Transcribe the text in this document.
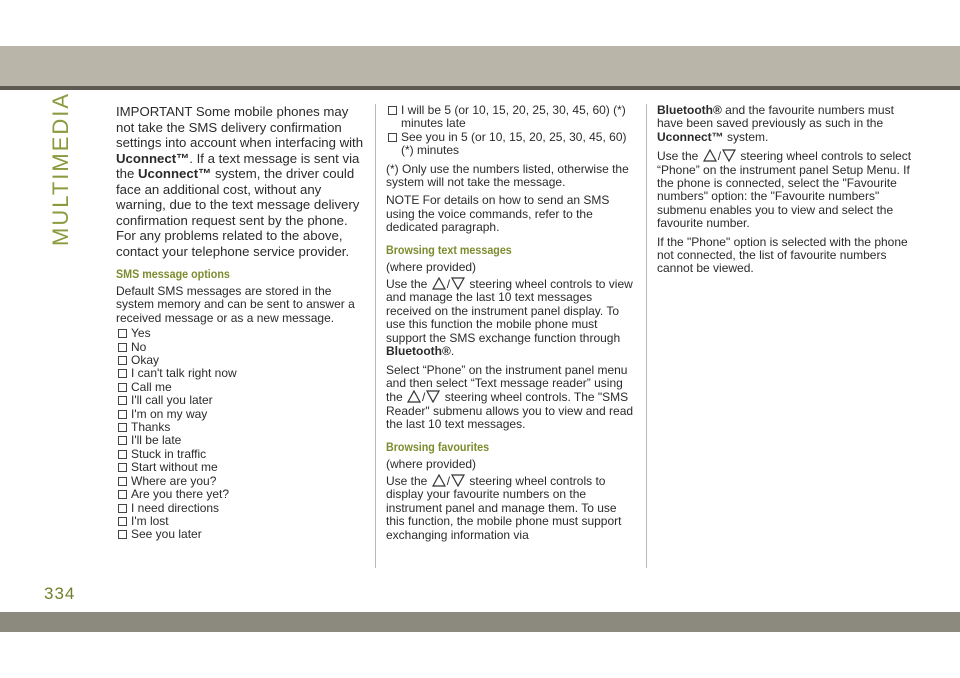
MULTIMEDIA	IMPORTANT Some mobile phones may not take the SMS delivery confirmation settings into account when interfacing with Uconnect™. If a text message is sent via the Uconnect™ system, the driver could face an additional cost, without any warning, due to the text message delivery confirmation request sent by the phone. For any problems related to the above, contact your telephone service provider.
SMS message options
Default SMS messages are stored in the system memory and can be sent to answer a received message or as a new message.
Yes
No
Okay
I can't talk right now
Call me
I'll call you later
I'm on my way
Thanks
I'll be late
Stuck in traffic
Start without me
Where are you?
Are you there yet?
I need directions
I'm lost
See you later
I will be 5 (or 10, 15, 20, 25, 30, 45, 60) (*) minutes late
See you in 5 (or 10, 15, 20, 25, 30, 45, 60) (*) minutes
(*) Only use the numbers listed, otherwise the system will not take the message.
NOTE For details on how to send an SMS using the voice commands, refer to the dedicated paragraph.
Browsing text messages
(where provided)
Use the / steering wheel controls to view and manage the last 10 text messages received on the instrument panel display. To use this function the mobile phone must support the SMS exchange function through Bluetooth®.
Select “Phone” on the instrument panel menu and then select “Text message reader” using the / steering wheel controls. The "SMS Reader" submenu allows you to view and read the last 10 text messages.
Browsing favourites
(where provided)
Use the / steering wheel controls to display your favourite numbers on the instrument panel and manage them. To use this function, the mobile phone must support exchanging information via
Bluetooth® and the favourite numbers must have been saved previously as such in the Uconnect™ system.
Use the / steering wheel controls to select “Phone” on the instrument panel Setup Menu. If the phone is connected, select the "Favourite numbers" option: the "Favourite numbers" submenu enables you to view and select the favourite number.
If the "Phone" option is selected with the phone not connected, the list of favourite numbers cannot be viewed.
334
